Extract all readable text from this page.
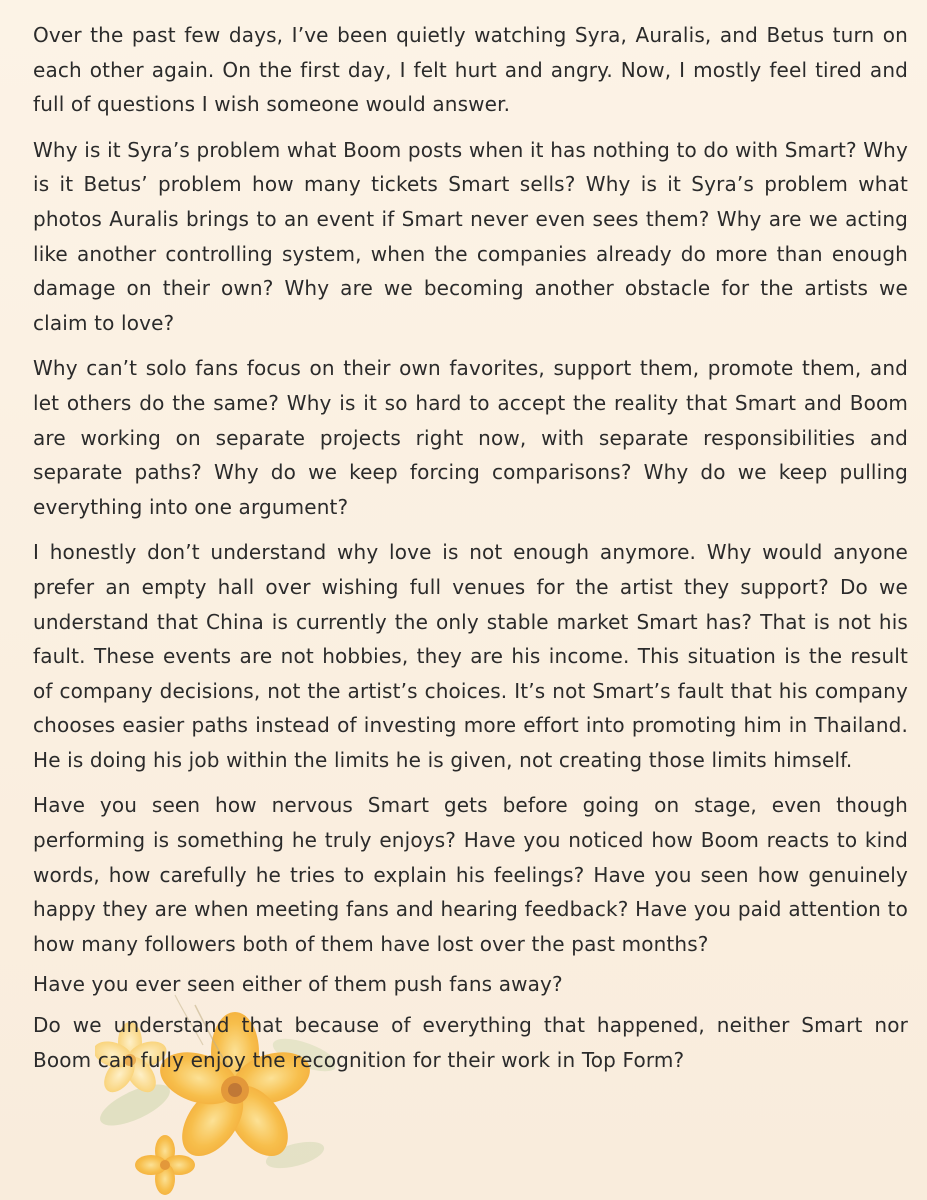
Over the past few days, I’ve been quietly watching Syra, Auralis, and Betus turn on each other again. On the first day, I felt hurt and angry. Now, I mostly feel tired and full of questions I wish someone would answer.

Why is it Syra’s problem what Boom posts when it has nothing to do with Smart? Why is it Betus’ problem how many tickets Smart sells? Why is it Syra’s problem what photos Auralis brings to an event if Smart never even sees them? Why are we acting like another controlling system, when the companies already do more than enough damage on their own? Why are we becoming another obstacle for the artists we claim to love?

Why can’t solo fans focus on their own favorites, support them, promote them, and let others do the same? Why is it so hard to accept the reality that Smart and Boom are working on separate projects right now, with separate responsibilities and separate paths? Why do we keep forcing comparisons? Why do we keep pulling everything into one argument?

I honestly don’t understand why love is not enough anymore. Why would anyone prefer an empty hall over wishing full venues for the artist they support? Do we understand that China is currently the only stable market Smart has? That is not his fault. These events are not hobbies, they are his income. This situation is the result of company decisions, not the artist’s choices. It’s not Smart’s fault that his company chooses easier paths instead of investing more effort into promoting him in Thailand. He is doing his job within the limits he is given, not creating those limits himself.

Have you seen how nervous Smart gets before going on stage, even though performing is something he truly enjoys? Have you noticed how Boom reacts to kind words, how carefully he tries to explain his feelings? Have you seen how genuinely happy they are when meeting fans and hearing feedback? Have you paid attention to how many followers both of them have lost over the past months?

Have you ever seen either of them push fans away?

Do we understand that because of everything that happened, neither Smart nor Boom can fully enjoy the recognition for their work in Top Form?
